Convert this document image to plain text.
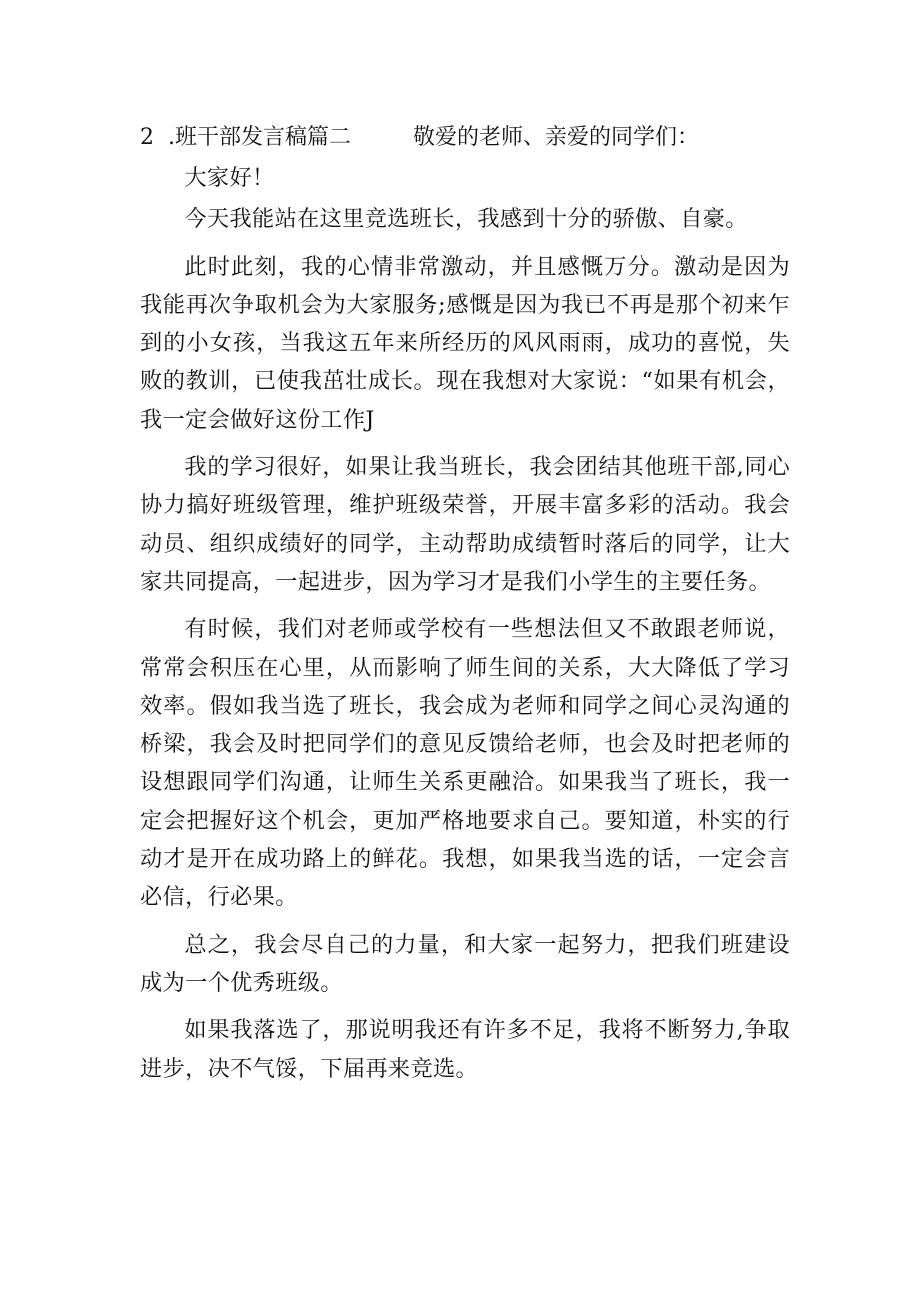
2 .班干部发言稿篇二	敬爱的老师、亲爱的同学们：

大家好！

今天我能站在这里竞选班长，我感到十分的骄傲、自豪。

此时此刻，我的心情非常激动，并且感慨万分。激动是因为我能再次争取机会为大家服务;感慨是因为我已不再是那个初来乍到的小女孩，当我这五年来所经历的风风雨雨，成功的喜悦，失败的教训，已使我茁壮成长。现在我想对大家说：“如果有机会，我一定会做好这份工作J

我的学习很好，如果让我当班长，我会团结其他班干部,同心协力搞好班级管理，维护班级荣誉，开展丰富多彩的活动。我会动员、组织成绩好的同学，主动帮助成绩暂时落后的同学，让大家共同提高，一起进步，因为学习才是我们小学生的主要任务。

有时候，我们对老师或学校有一些想法但又不敢跟老师说，常常会积压在心里，从而影响了师生间的关系，大大降低了学习效率。假如我当选了班长，我会成为老师和同学之间心灵沟通的桥梁，我会及时把同学们的意见反馈给老师，也会及时把老师的设想跟同学们沟通，让师生关系更融洽。如果我当了班长，我一定会把握好这个机会，更加严格地要求自己。要知道，朴实的行动才是开在成功路上的鲜花。我想，如果我当选的话，一定会言必信，行必果。

总之，我会尽自己的力量，和大家一起努力，把我们班建设成为一个优秀班级。

如果我落选了，那说明我还有许多不足，我将不断努力,争取进步，决不气馁，下届再来竞选。
